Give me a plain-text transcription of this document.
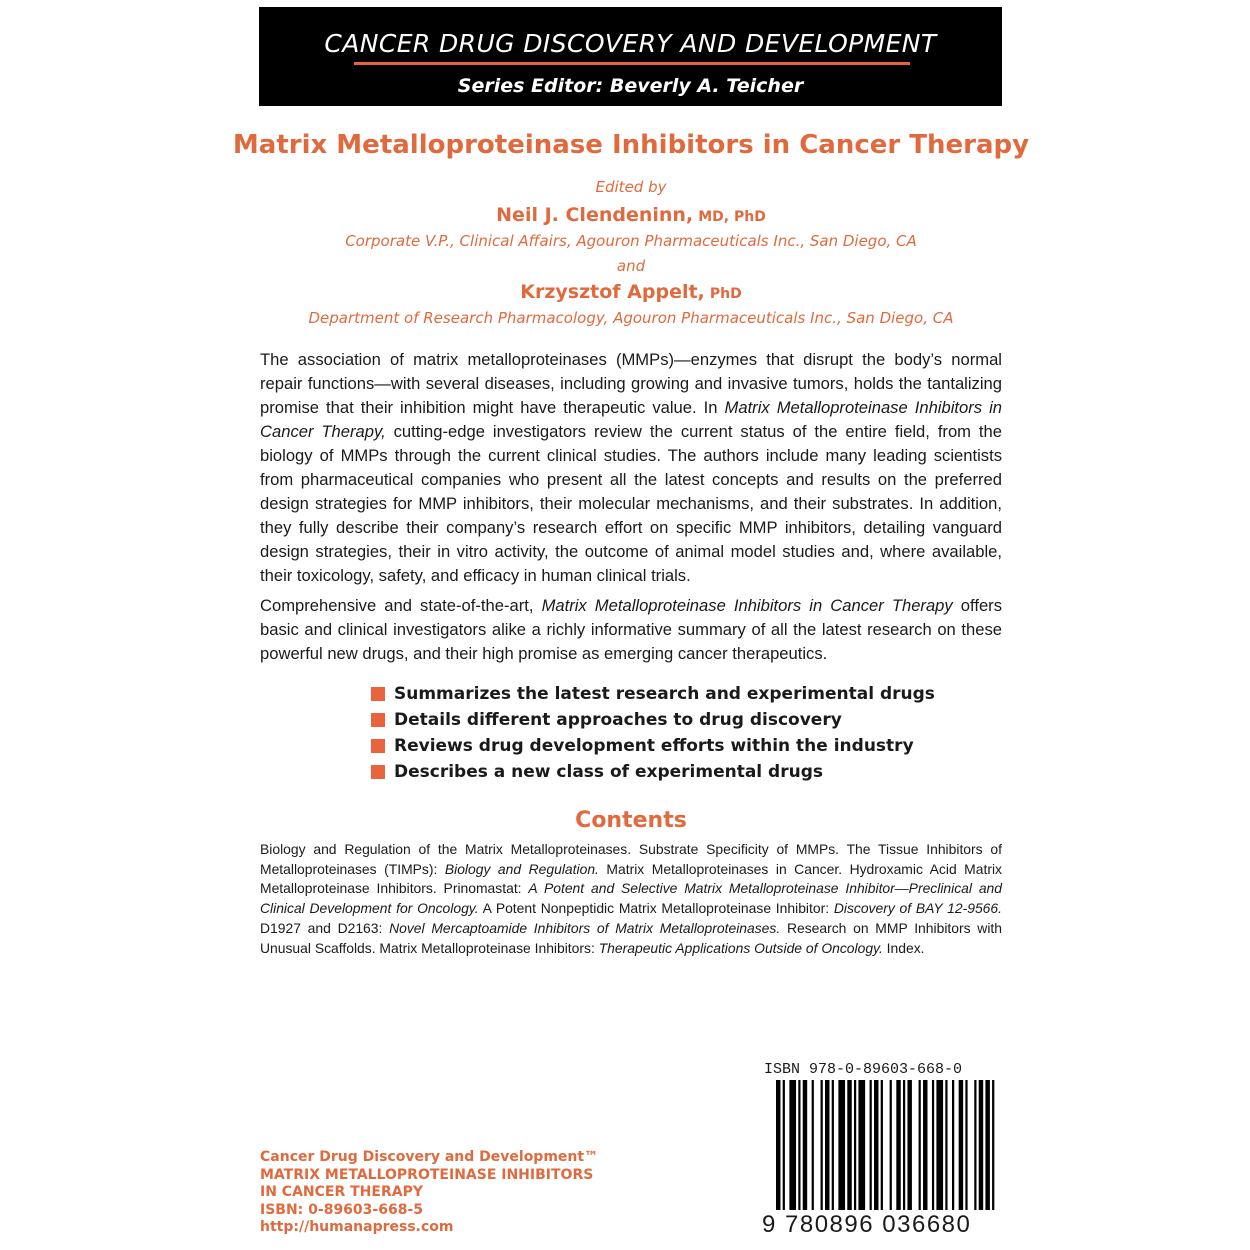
CANCER DRUG DISCOVERY AND DEVELOPMENT
Series Editor: Beverly A. Teicher
Matrix Metalloproteinase Inhibitors in Cancer Therapy
Edited by
Neil J. Clendeninn, MD, PhD
Corporate V.P., Clinical Affairs, Agouron Pharmaceuticals Inc., San Diego, CA
and
Krzysztof Appelt, PhD
Department of Research Pharmacology, Agouron Pharmaceuticals Inc., San Diego, CA

The association of matrix metalloproteinases (MMPs)—enzymes that disrupt the body’s normal repair functions—with several diseases, including growing and invasive tumors, holds the tantalizing promise that their inhibition might have therapeutic value. In Matrix Metalloproteinase Inhibitors in Cancer Therapy, cutting-edge investigators review the current status of the entire field, from the biology of MMPs through the current clinical studies. The authors include many leading scientists from pharmaceutical companies who present all the latest concepts and results on the preferred design strategies for MMP inhibitors, their molecular mechanisms, and their substrates. In addition, they fully describe their company’s research effort on specific MMP inhibitors, detailing vanguard design strategies, their in vitro activity, the outcome of animal model studies and, where available, their toxicology, safety, and efficacy in human clinical trials.

Comprehensive and state-of-the-art, Matrix Metalloproteinase Inhibitors in Cancer Therapy offers basic and clinical investigators alike a richly informative summary of all the latest research on these powerful new drugs, and their high promise as emerging cancer therapeutics.

Summarizes the latest research and experimental drugs
Details different approaches to drug discovery
Reviews drug development efforts within the industry
Describes a new class of experimental drugs
Contents

Biology and Regulation of the Matrix Metalloproteinases. Substrate Specificity of MMPs. The Tissue Inhibitors of Metalloproteinases (TIMPs): Biology and Regulation. Matrix Metalloproteinases in Cancer. Hydroxamic Acid Matrix Metalloproteinase Inhibitors. Prinomastat: A Potent and Selective Matrix Metalloproteinase Inhibitor—Preclinical and Clinical Development for Oncology. A Potent Nonpeptidic Matrix Metalloproteinase Inhibitor: Discovery of BAY 12-9566. D1927 and D2163: Novel Mercaptoamide Inhibitors of Matrix Metalloproteinases. Research on MMP Inhibitors with Unusual Scaffolds. Matrix Metalloproteinase Inhibitors: Therapeutic Applications Outside of Oncology. Index.

Cancer Drug Discovery and Development™
MATRIX METALLOPROTEINASE INHIBITORS
IN CANCER THERAPY
ISBN: 0-89603-668-5
http://humanapress.com
ISBN 978-0-89603-668-0
9 780896 036680
